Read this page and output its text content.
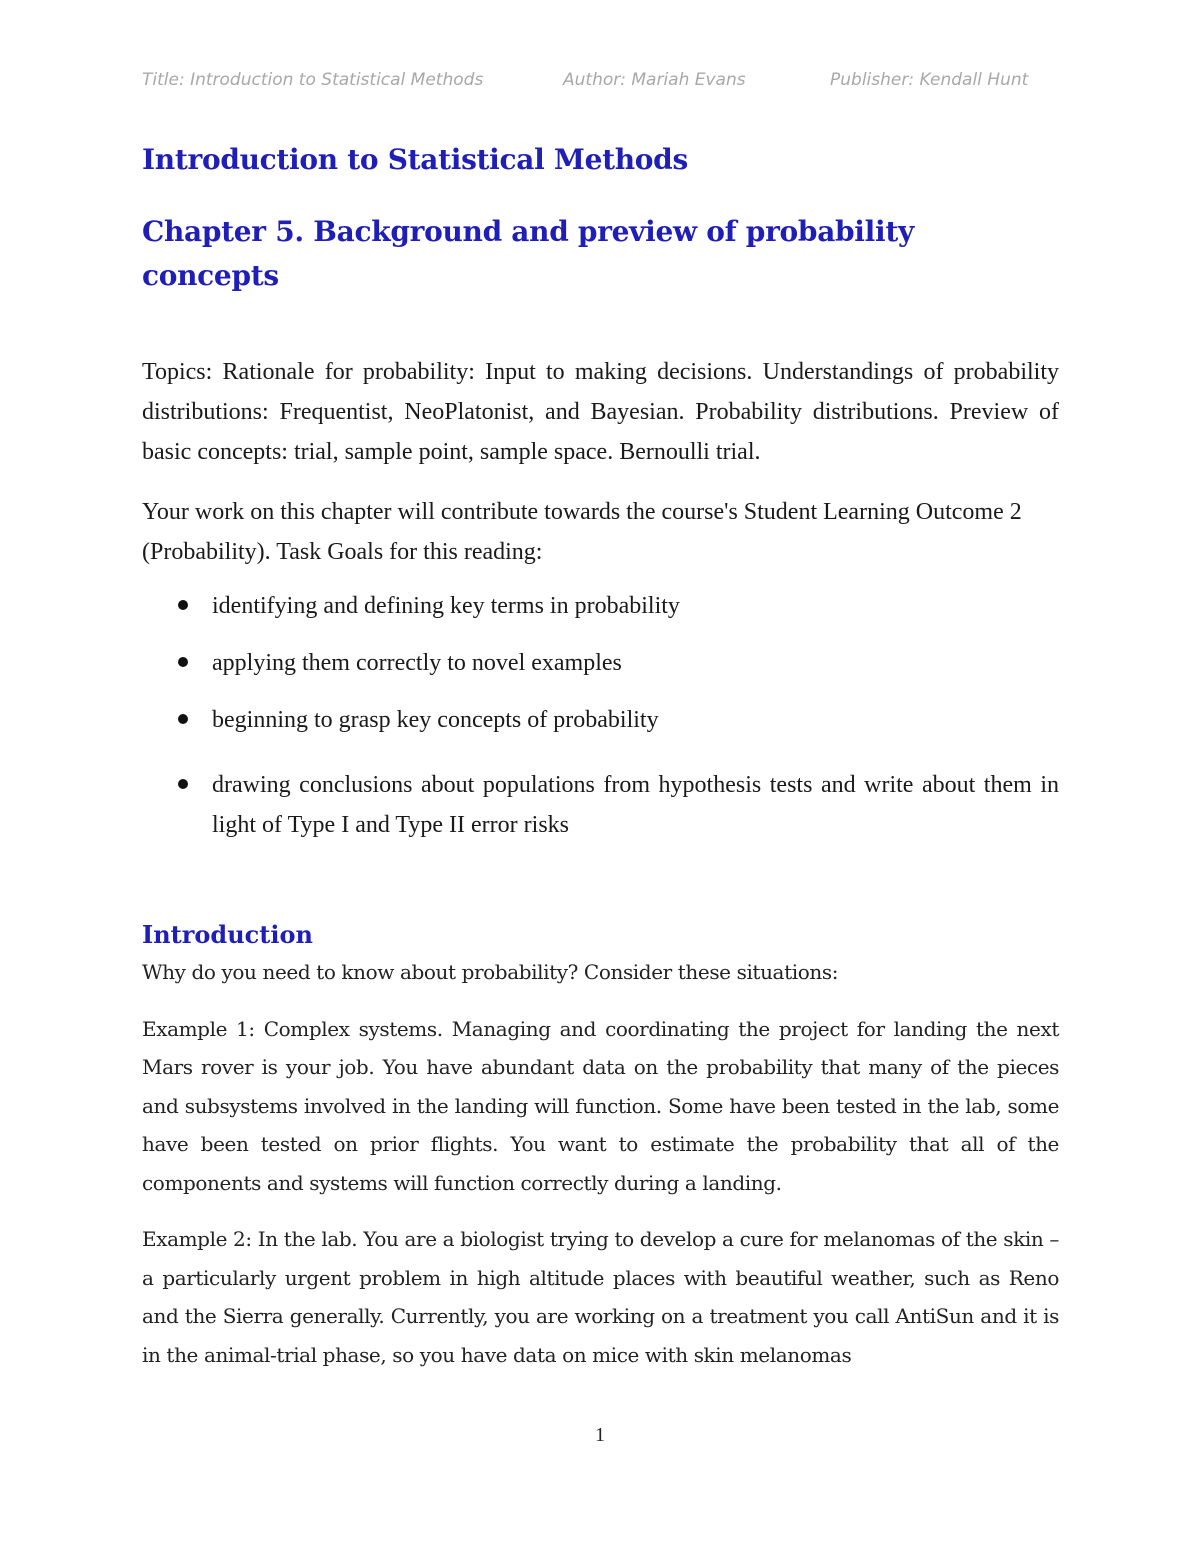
Title: Introduction to Statistical Methods	Author: Mariah Evans	Publisher: Kendall Hunt
Introduction to Statistical Methods
Chapter 5. Background and preview of probability concepts

Topics: Rationale for probability: Input to making decisions. Understandings of probability distributions: Frequentist, NeoPlatonist, and Bayesian. Probability distributions. Preview of basic concepts: trial, sample point, sample space. Bernoulli trial.

Your work on this chapter will contribute towards the course's Student Learning Outcome 2 (Probability). Task Goals for this reading:

identifying and defining key terms in probability
applying them correctly to novel examples
beginning to grasp key concepts of probability
drawing conclusions about populations from hypothesis tests and write about them in light of Type I and Type II error risks
Introduction

Why do you need to know about probability? Consider these situations:

Example 1: Complex systems. Managing and coordinating the project for landing the next Mars rover is your job. You have abundant data on the probability that many of the pieces and subsystems involved in the landing will function. Some have been tested in the lab, some have been tested on prior flights. You want to estimate the probability that all of the components and systems will function correctly during a landing.

Example 2: In the lab. You are a biologist trying to develop a cure for melanomas of the skin – a particularly urgent problem in high altitude places with beautiful weather, such as Reno and the Sierra generally. Currently, you are working on a treatment you call AntiSun and it is in the animal-trial phase, so you have data on mice with skin melanomas

1
